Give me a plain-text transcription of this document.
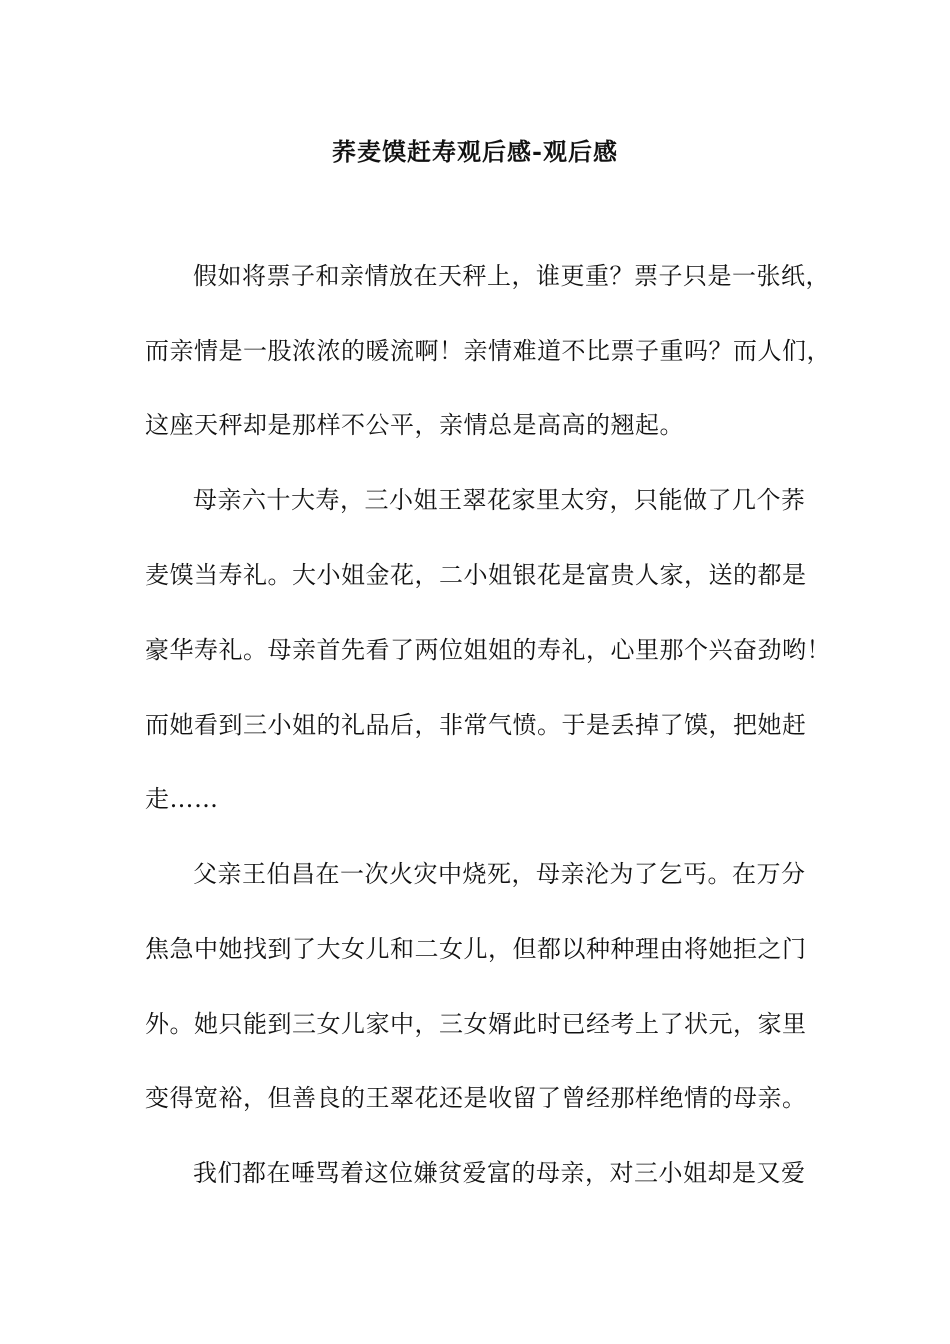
荞麦馍赶寿观后感-观后感
假如将票子和亲情放在天秤上，谁更重？票子只是一张纸，
而亲情是一股浓浓的暖流啊！亲情难道不比票子重吗？而人们，
这座天秤却是那样不公平，亲情总是高高的翘起。
母亲六十大寿，三小姐王翠花家里太穷，只能做了几个荞
麦馍当寿礼。大小姐金花，二小姐银花是富贵人家，送的都是
豪华寿礼。母亲首先看了两位姐姐的寿礼，心里那个兴奋劲哟！
而她看到三小姐的礼品后，非常气愤。于是丢掉了馍，把她赶
走……
父亲王伯昌在一次火灾中烧死，母亲沦为了乞丐。在万分
焦急中她找到了大女儿和二女儿，但都以种种理由将她拒之门
外。她只能到三女儿家中，三女婿此时已经考上了状元，家里
变得宽裕，但善良的王翠花还是收留了曾经那样绝情的母亲。
我们都在唾骂着这位嫌贫爱富的母亲，对三小姐却是又爱
